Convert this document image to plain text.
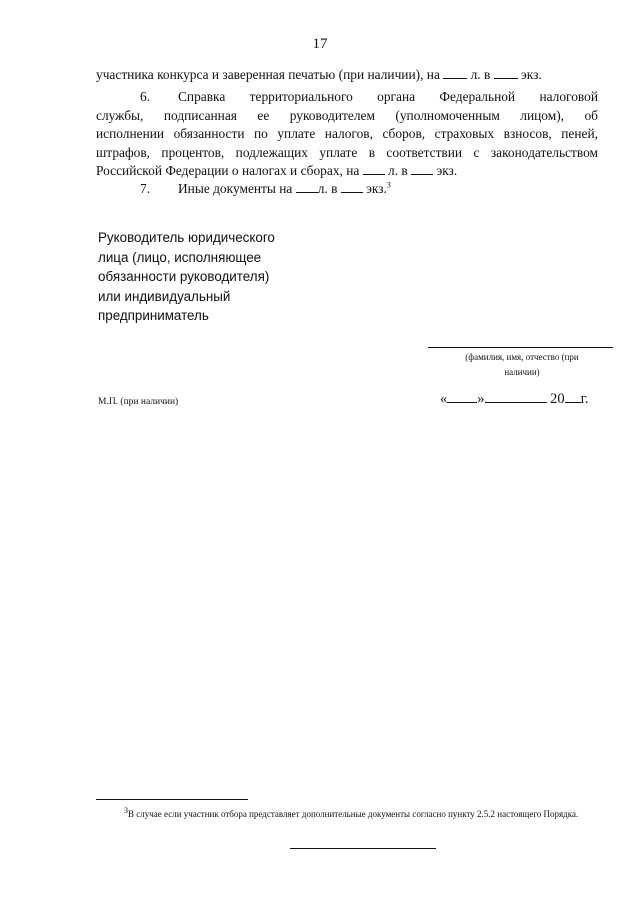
17
участника конкурса и заверенная печатью (при наличии), на л. в экз.
6. Справка территориального органа Федеральной налоговой
службы, подписанная ее руководителем (уполномоченным лицом), об
исполнении обязанности по уплате налогов, сборов, страховых взносов, пеней,
штрафов, процентов, подлежащих уплате в соответствии с законодательством
Российской Федерации о налогах и сборах, на л. в экз.
7. Иные документы на л. в экз.$^3$
Руководитель юридического
лица (лицо, исполняющее
обязанности руководителя)
или индивидуальный
предприниматель
(фамилия, имя, отчество (при
наличии)
М.П. (при наличии)	« »	20 г.
$^3$В случае если участник отбора представляет дополнительные документы согласно пункту 2.5.2 настоящего Порядка.
